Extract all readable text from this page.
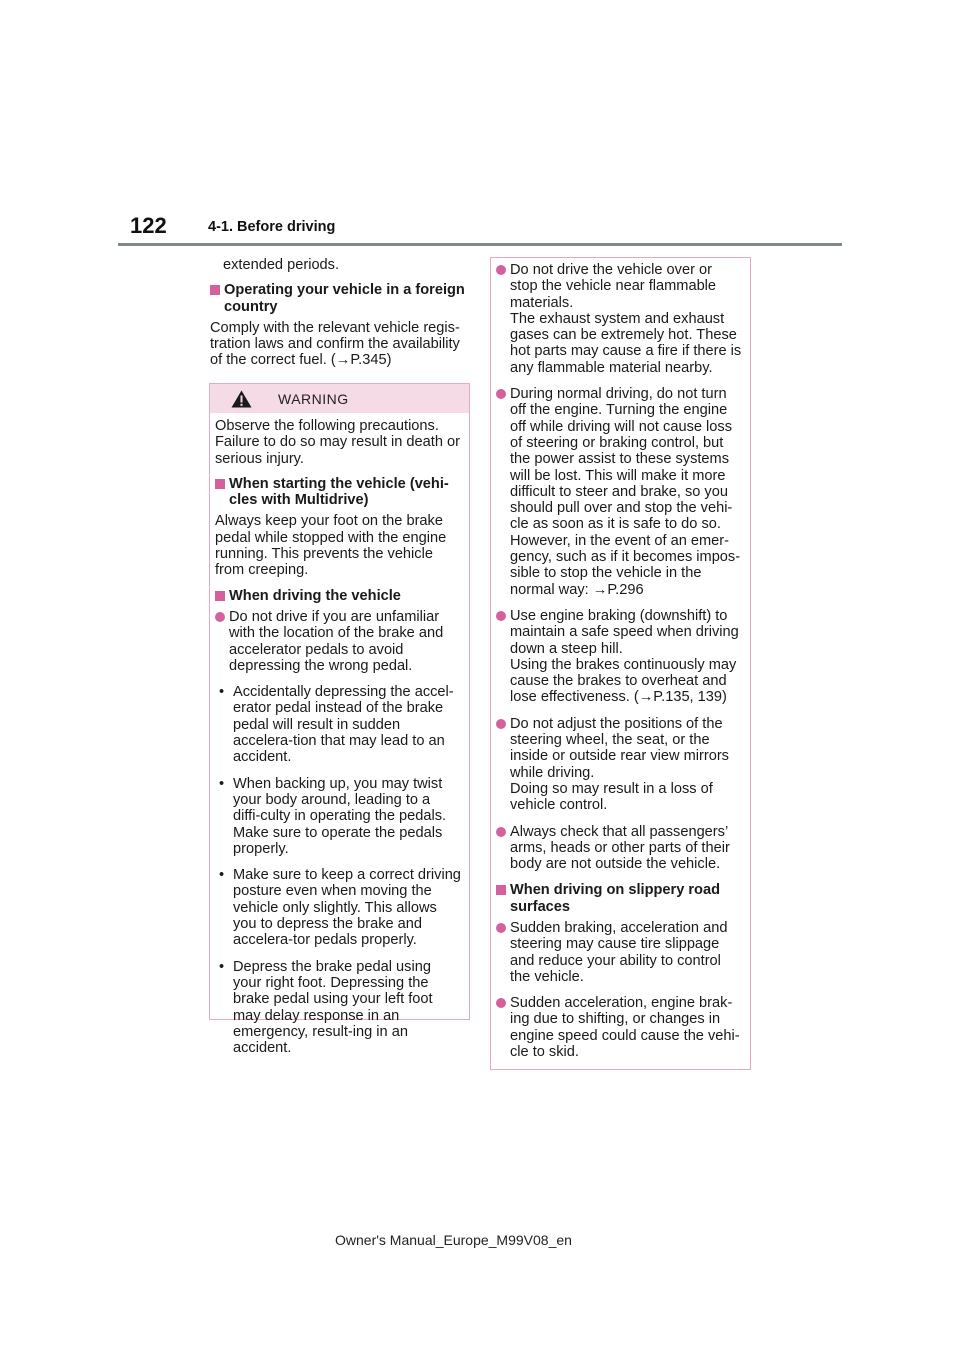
122	4-1. Before driving

extended periods.

Operating your vehicle in a foreign country

Comply with the relevant vehicle regis-tration laws and confirm the availability of the correct fuel. (→P.345)

WARNING

Observe the following precautions. Failure to do so may result in death or serious injury.

When starting the vehicle (vehi-cles with Multidrive)

Always keep your foot on the brake pedal while stopped with the engine running. This prevents the vehicle from creeping.

When driving the vehicle
Do not drive if you are unfamiliar with the location of the brake and accelerator pedals to avoid depressing the wrong pedal.
• Accidentally depressing the accel-erator pedal instead of the brake pedal will result in sudden accelera-tion that may lead to an accident.
• When backing up, you may twist your body around, leading to a diffi-culty in operating the pedals. Make sure to operate the pedals properly.
• Make sure to keep a correct driving posture even when moving the vehicle only slightly. This allows you to depress the brake and accelera-tor pedals properly.
• Depress the brake pedal using your right foot. Depressing the brake pedal using your left foot may delay response in an emergency, result-ing in an accident.
Do not drive the vehicle over or stop the vehicle near flammable materials.
The exhaust system and exhaust gases can be extremely hot. These hot parts may cause a fire if there is any flammable material nearby.
During normal driving, do not turn off the engine. Turning the engine off while driving will not cause loss of steering or braking control, but the power assist to these systems will be lost. This will make it more difficult to steer and brake, so you should pull over and stop the vehi-cle as soon as it is safe to do so. However, in the event of an emer-gency, such as if it becomes impos-sible to stop the vehicle in the normal way: →P.296
Use engine braking (downshift) to maintain a safe speed when driving down a steep hill.
Using the brakes continuously may cause the brakes to overheat and lose effectiveness. (→P.135, 139)
Do not adjust the positions of the steering wheel, the seat, or the inside or outside rear view mirrors while driving.
Doing so may result in a loss of vehicle control.
Always check that all passengers’ arms, heads or other parts of their body are not outside the vehicle.
When driving on slippery road surfaces
Sudden braking, acceleration and steering may cause tire slippage and reduce your ability to control the vehicle.
Sudden acceleration, engine brak-ing due to shifting, or changes in engine speed could cause the vehi-cle to skid.
Owner's Manual_Europe_M99V08_en
